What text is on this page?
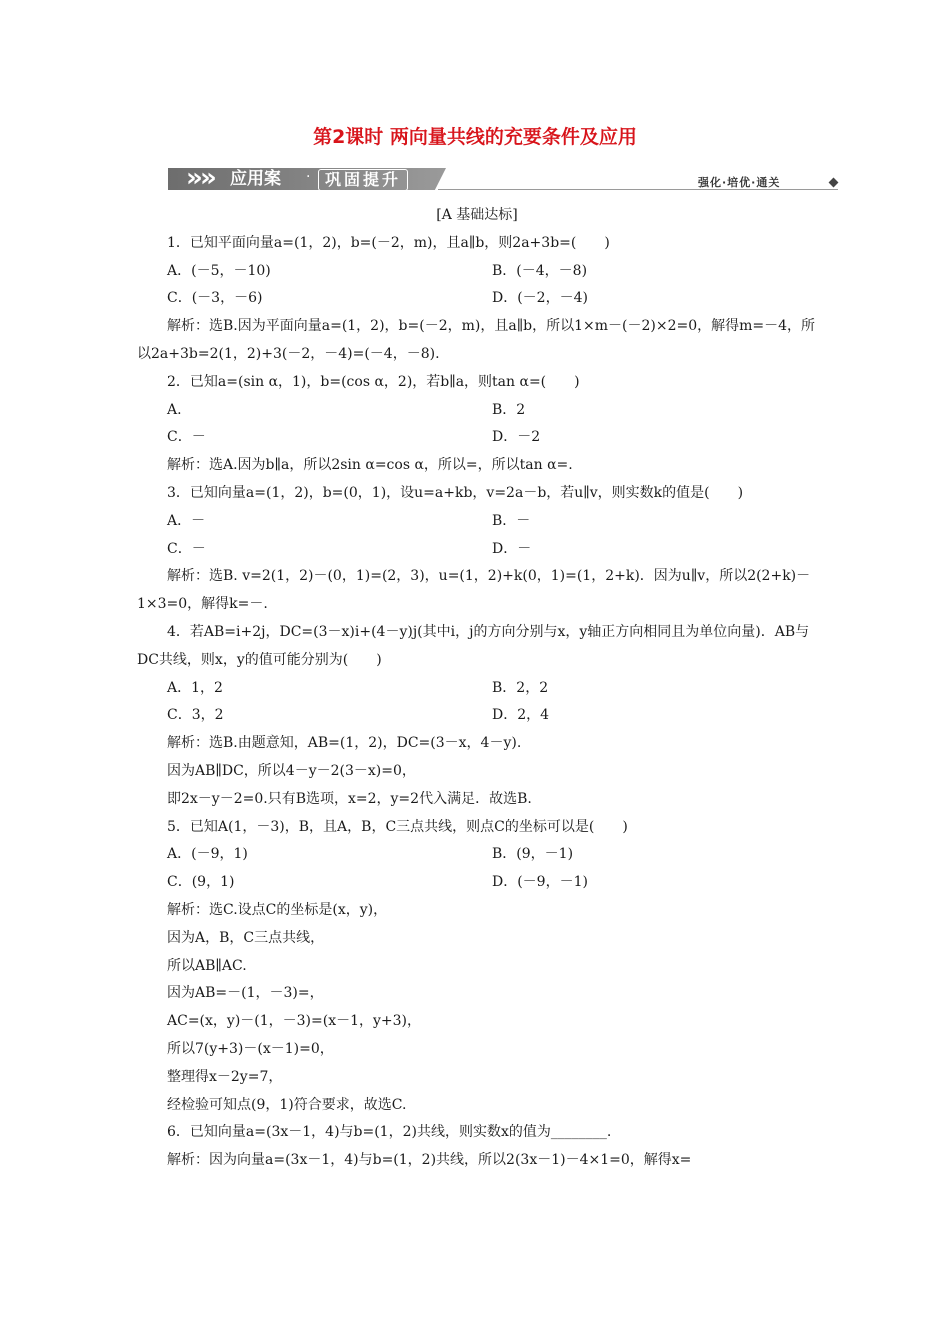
第2课时 两向量共线的充要条件及应用
»
» 应用案 · 巩固提升	强化·培优·通关
[A 基础达标]
1．已知平面向量a=(1，2)，b=(－2，m)，且a∥b，则2a+3b=(　　)
A．(－5，－10)	B．(－4，－8)
C．(－3，－6)	D．(－2，－4)
解析：选B.因为平面向量a=(1，2)，b=(－2，m)，且a∥b，所以1×m－(－2)×2=0，解得m=－4，所以2a+3b=2(1，2)+3(－2，－4)=(－4，－8).
2．已知a=(sin α，1)，b=(cos α，2)，若b∥a，则tan α=(　　)
A.	B．2
C．－	D．－2
解析：选A.因为b∥a，所以2sin α=cos α，所以=，所以tan α=.
3．已知向量a=(1，2)，b=(0，1)，设u=a+kb，v=2a－b，若u∥v，则实数k的值是(　　)
A．－	B．－
C．－	D．－
解析：选B. v=2(1，2)－(0，1)=(2，3)，u=(1，2)+k(0，1)=(1，2+k)．因为u∥v，所以2(2+k)－1×3=0，解得k=－.
4．若AB=i+2j，DC=(3－x)i+(4－y)j(其中i，j的方向分别与x，y轴正方向相同且为单位向量)．AB与DC共线，则x，y的值可能分别为(　　)
A．1，2	B．2，2
C．3，2	D．2，4
解析：选B.由题意知，AB=(1，2)，DC=(3－x，4－y).
因为AB∥DC，所以4－y－2(3－x)=0，
即2x－y－2=0.只有B选项，x=2，y=2代入满足．故选B.
5．已知A(1，－3)，B，且A，B，C三点共线，则点C的坐标可以是(　　)
A．(－9，1)	B．(9，－1)
C．(9，1)	D．(－9，－1)
解析：选C.设点C的坐标是(x，y)，
因为A，B，C三点共线，
所以AB∥AC.
因为AB=－(1，－3)=，
AC=(x，y)－(1，－3)=(x－1，y+3)，
所以7(y+3)－(x－1)=0，
整理得x－2y=7，
经检验可知点(9，1)符合要求，故选C.
6．已知向量a=(3x－1，4)与b=(1，2)共线，则实数x的值为________.
解析：因为向量a=(3x－1，4)与b=(1，2)共线，所以2(3x－1)－4×1=0，解得x=
